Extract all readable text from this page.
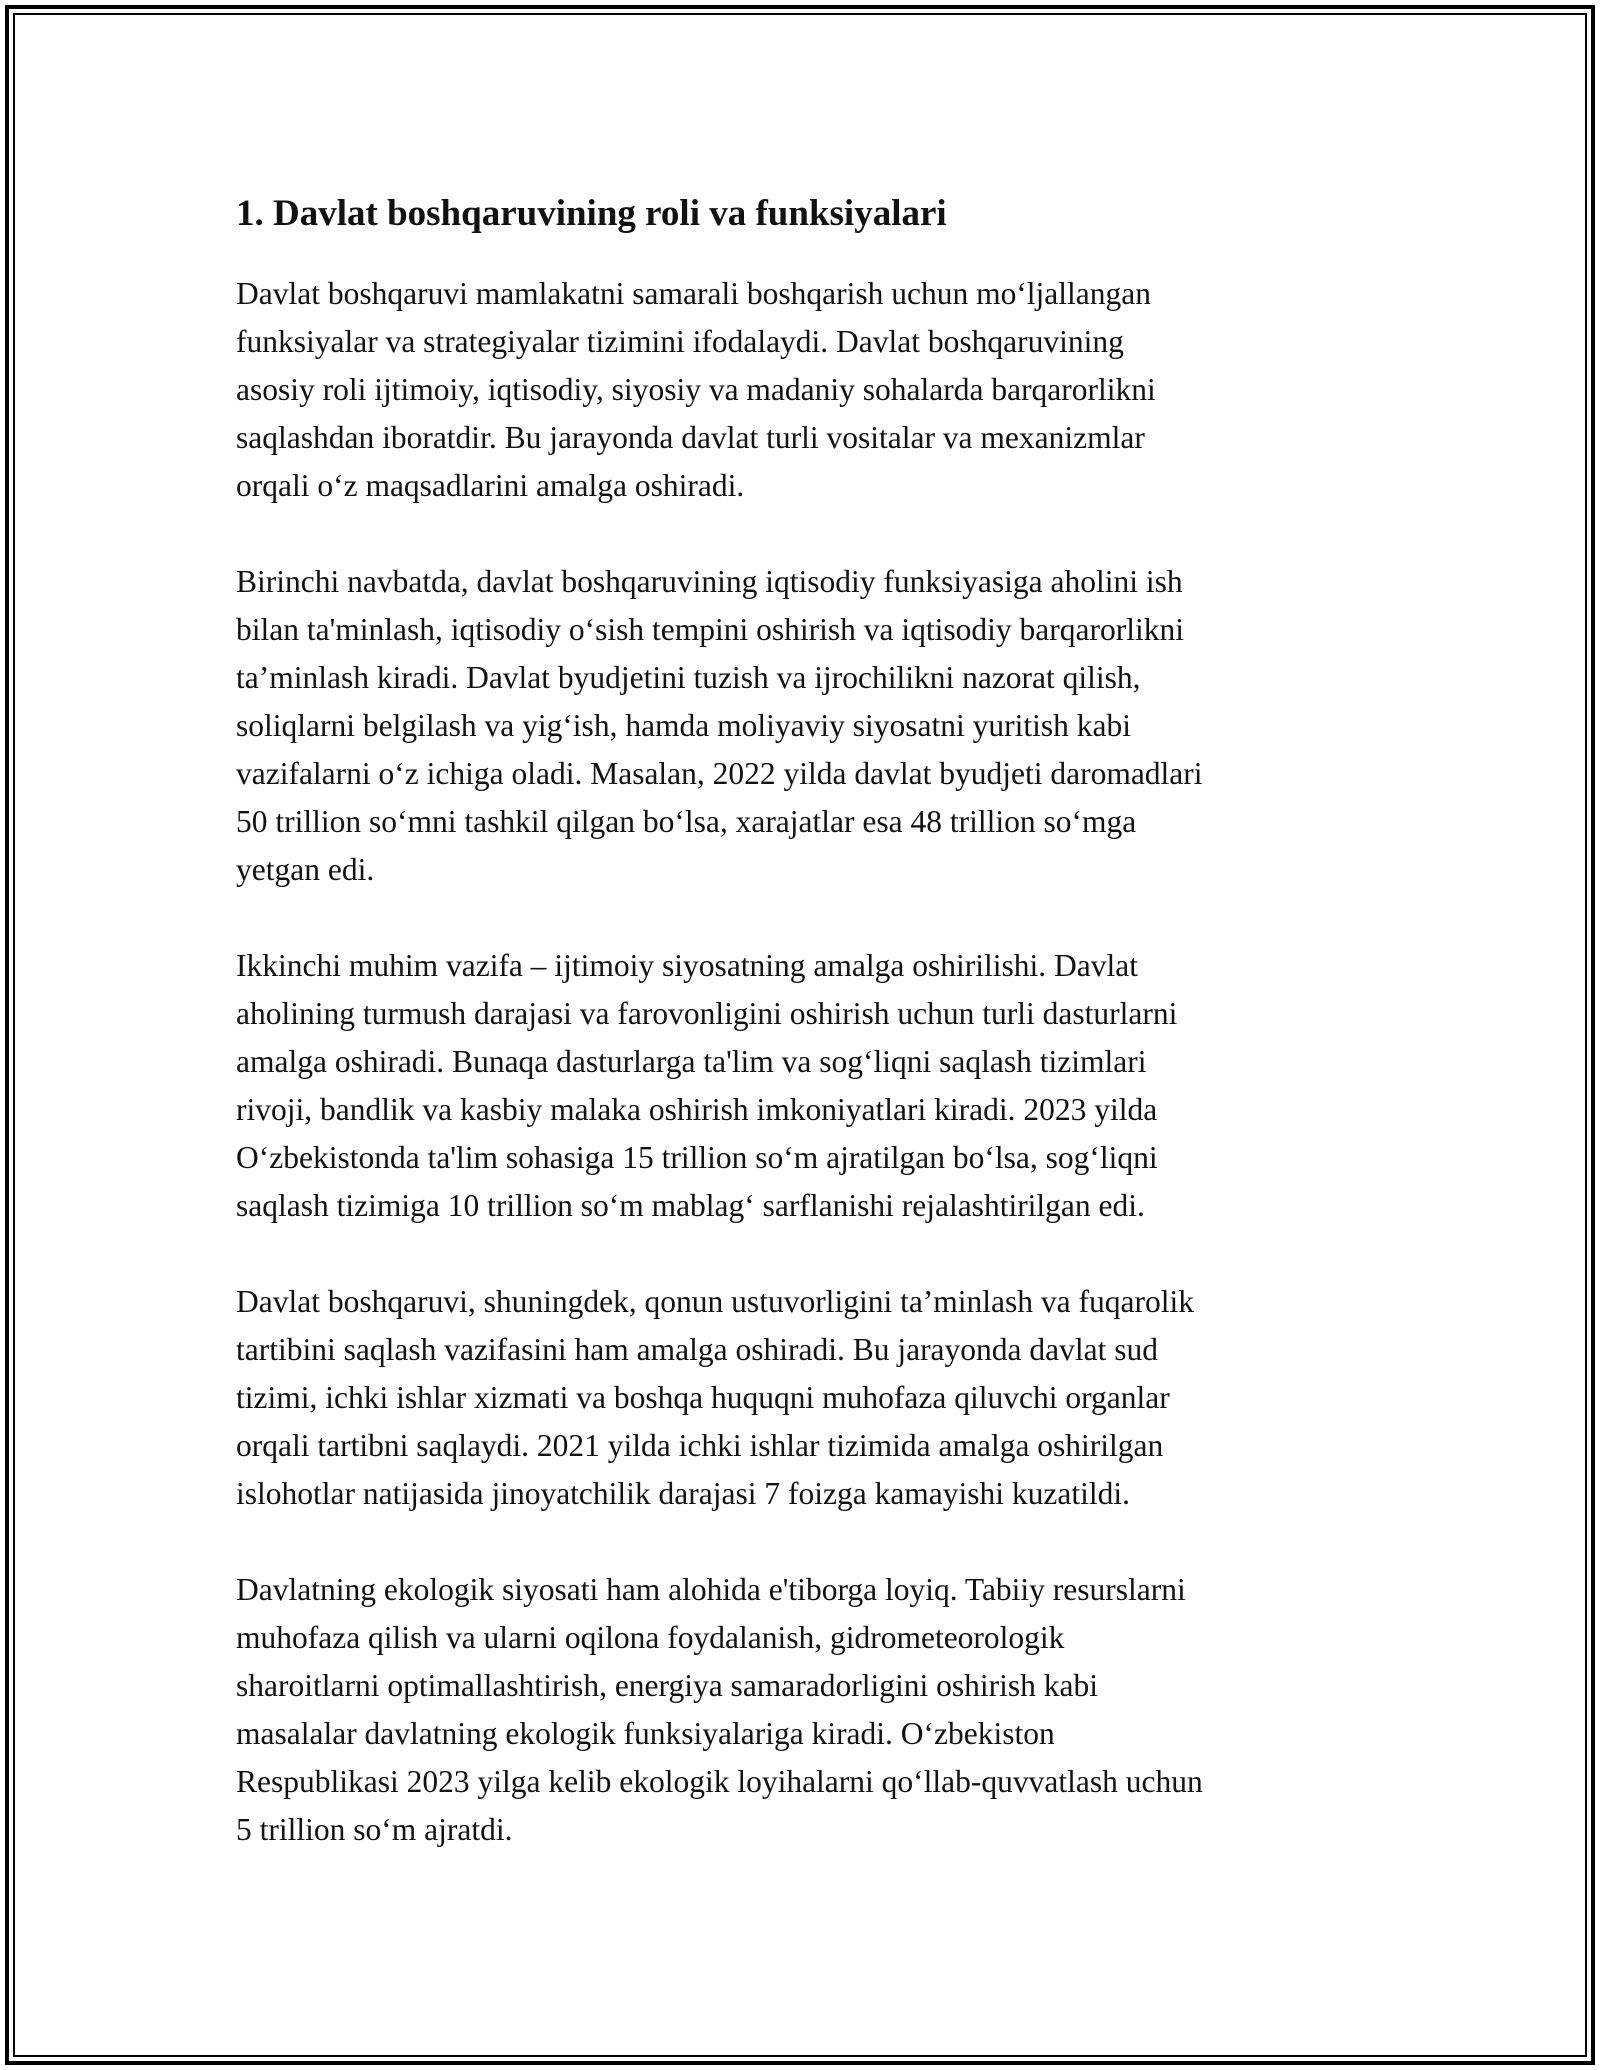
1. Davlat boshqaruvining roli va funksiyalari

Davlat boshqaruvi mamlakatni samarali boshqarish uchun mo‘ljallangan
funksiyalar va strategiyalar tizimini ifodalaydi. Davlat boshqaruvining
asosiy roli ijtimoiy, iqtisodiy, siyosiy va madaniy sohalarda barqarorlikni
saqlashdan iboratdir. Bu jarayonda davlat turli vositalar va mexanizmlar
orqali o‘z maqsadlarini amalga oshiradi.

Birinchi navbatda, davlat boshqaruvining iqtisodiy funksiyasiga aholini ish
bilan ta'minlash, iqtisodiy o‘sish tempini oshirish va iqtisodiy barqarorlikni
ta’minlash kiradi. Davlat byudjetini tuzish va ijrochilikni nazorat qilish,
soliqlarni belgilash va yig‘ish, hamda moliyaviy siyosatni yuritish kabi
vazifalarni o‘z ichiga oladi. Masalan, 2022 yilda davlat byudjeti daromadlari
50 trillion so‘mni tashkil qilgan bo‘lsa, xarajatlar esa 48 trillion so‘mga
yetgan edi.

Ikkinchi muhim vazifa – ijtimoiy siyosatning amalga oshirilishi. Davlat
aholining turmush darajasi va farovonligini oshirish uchun turli dasturlarni
amalga oshiradi. Bunaqa dasturlarga ta'lim va sog‘liqni saqlash tizimlari
rivoji, bandlik va kasbiy malaka oshirish imkoniyatlari kiradi. 2023 yilda
O‘zbekistonda ta'lim sohasiga 15 trillion so‘m ajratilgan bo‘lsa, sog‘liqni
saqlash tizimiga 10 trillion so‘m mablag‘ sarflanishi rejalashtirilgan edi.

Davlat boshqaruvi, shuningdek, qonun ustuvorligini ta’minlash va fuqarolik
tartibini saqlash vazifasini ham amalga oshiradi. Bu jarayonda davlat sud
tizimi, ichki ishlar xizmati va boshqa huquqni muhofaza qiluvchi organlar
orqali tartibni saqlaydi. 2021 yilda ichki ishlar tizimida amalga oshirilgan
islohotlar natijasida jinoyatchilik darajasi 7 foizga kamayishi kuzatildi.

Davlatning ekologik siyosati ham alohida e'tiborga loyiq. Tabiiy resurslarni
muhofaza qilish va ularni oqilona foydalanish, gidrometeorologik
sharoitlarni optimallashtirish, energiya samaradorligini oshirish kabi
masalalar davlatning ekologik funksiyalariga kiradi. O‘zbekiston
Respublikasi 2023 yilga kelib ekologik loyihalarni qo‘llab-quvvatlash uchun
5 trillion so‘m ajratdi.
